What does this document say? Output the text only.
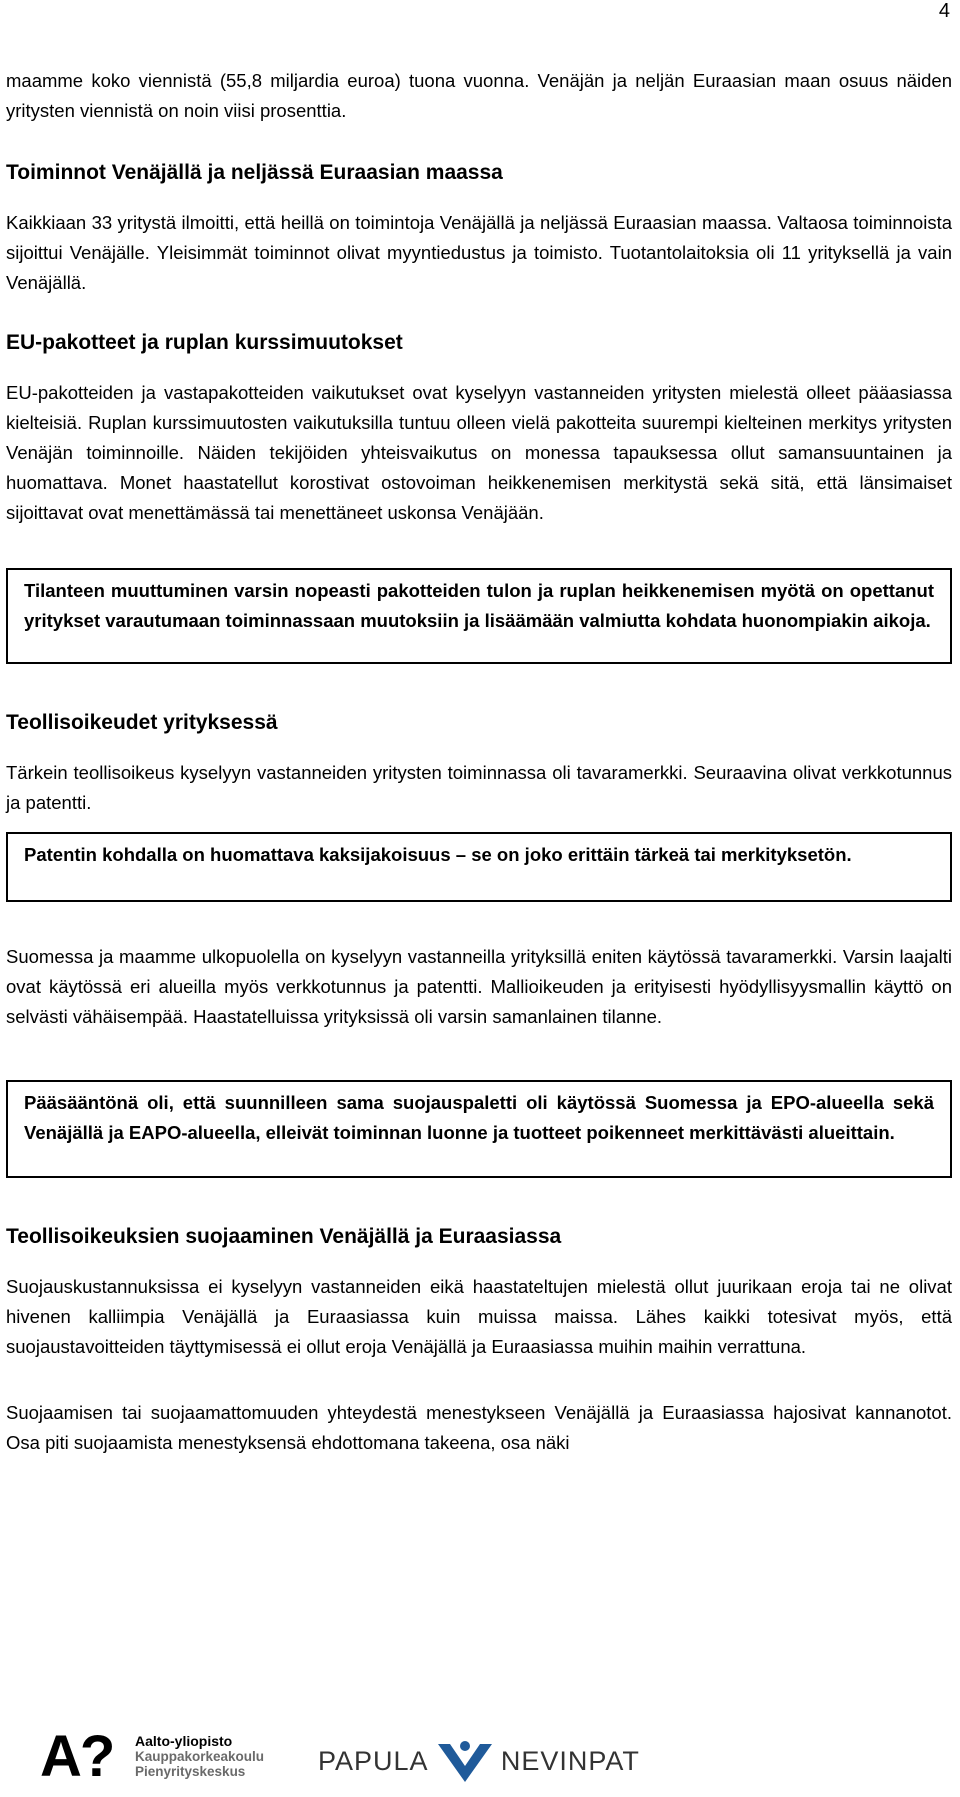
4

maamme koko viennistä (55,8 miljardia euroa) tuona vuonna. Venäjän ja neljän Euraasian maan osuus näiden yritysten viennistä on noin viisi prosenttia.

Toiminnot Venäjällä ja neljässä Euraasian maassa

Kaikkiaan 33 yritystä ilmoitti, että heillä on toimintoja Venäjällä ja neljässä Euraasian maassa. Valtaosa toiminnoista sijoittui Venäjälle. Yleisimmät toiminnot olivat myyntiedustus ja toimisto. Tuotantolaitoksia oli 11 yrityksellä ja vain Venäjällä.

EU-pakotteet ja ruplan kurssimuutokset

EU-pakotteiden ja vastapakotteiden vaikutukset ovat kyselyyn vastanneiden yritysten mielestä olleet pääasiassa kielteisiä. Ruplan kurssimuutosten vaikutuksilla tuntuu olleen vielä pakotteita suurempi kielteinen merkitys yritysten Venäjän toiminnoille. Näiden tekijöiden yhteisvaikutus on monessa tapauksessa ollut samansuuntainen ja huomattava. Monet haastatellut korostivat ostovoiman heikkenemisen merkitystä sekä sitä, että länsimaiset sijoittavat ovat menettämässä tai menettäneet uskonsa Venäjään.

Tilanteen muuttuminen varsin nopeasti pakotteiden tulon ja ruplan heikkenemisen myötä on opettanut yritykset varautumaan toiminnassaan muutoksiin ja lisäämään valmiutta kohdata huonompiakin aikoja.

Teollisoikeudet yrityksessä

Tärkein teollisoikeus kyselyyn vastanneiden yritysten toiminnassa oli tavaramerkki. Seuraavina olivat verkkotunnus ja patentti.

Patentin kohdalla on huomattava kaksijakoisuus – se on joko erittäin tärkeä tai merkityksetön.

Suomessa ja maamme ulkopuolella on kyselyyn vastanneilla yrityksillä eniten käytössä tavaramerkki. Varsin laajalti ovat käytössä eri alueilla myös verkkotunnus ja patentti. Mallioikeuden ja erityisesti hyödyllisyysmallin käyttö on selvästi vähäisempää. Haastatelluissa yrityksissä oli varsin samanlainen tilanne.

Pääsääntönä oli, että suunnilleen sama suojauspaletti oli käytössä Suomessa ja EPO-alueella sekä Venäjällä ja EAPO-alueella, elleivät toiminnan luonne ja tuotteet poikenneet merkittävästi alueittain.

Teollisoikeuksien suojaaminen Venäjällä ja Euraasiassa

Suojauskustannuksissa ei kyselyyn vastanneiden eikä haastateltujen mielestä ollut juurikaan eroja tai ne olivat hivenen kalliimpia Venäjällä ja Euraasiassa kuin muissa maissa. Lähes kaikki totesivat myös, että suojaustavoitteiden täyttymisessä ei ollut eroja Venäjällä ja Euraasiassa muihin maihin verrattuna.

Suojaamisen tai suojaamattomuuden yhteydestä menestykseen Venäjällä ja Euraasiassa hajosivat kannanotot. Osa piti suojaamista menestyksensä ehdottomana takeena, osa näki

A? Aalto-yliopisto
Kauppakorkeakoulu
Pienyrityskeskus	PAPULA	NEVINPAT
